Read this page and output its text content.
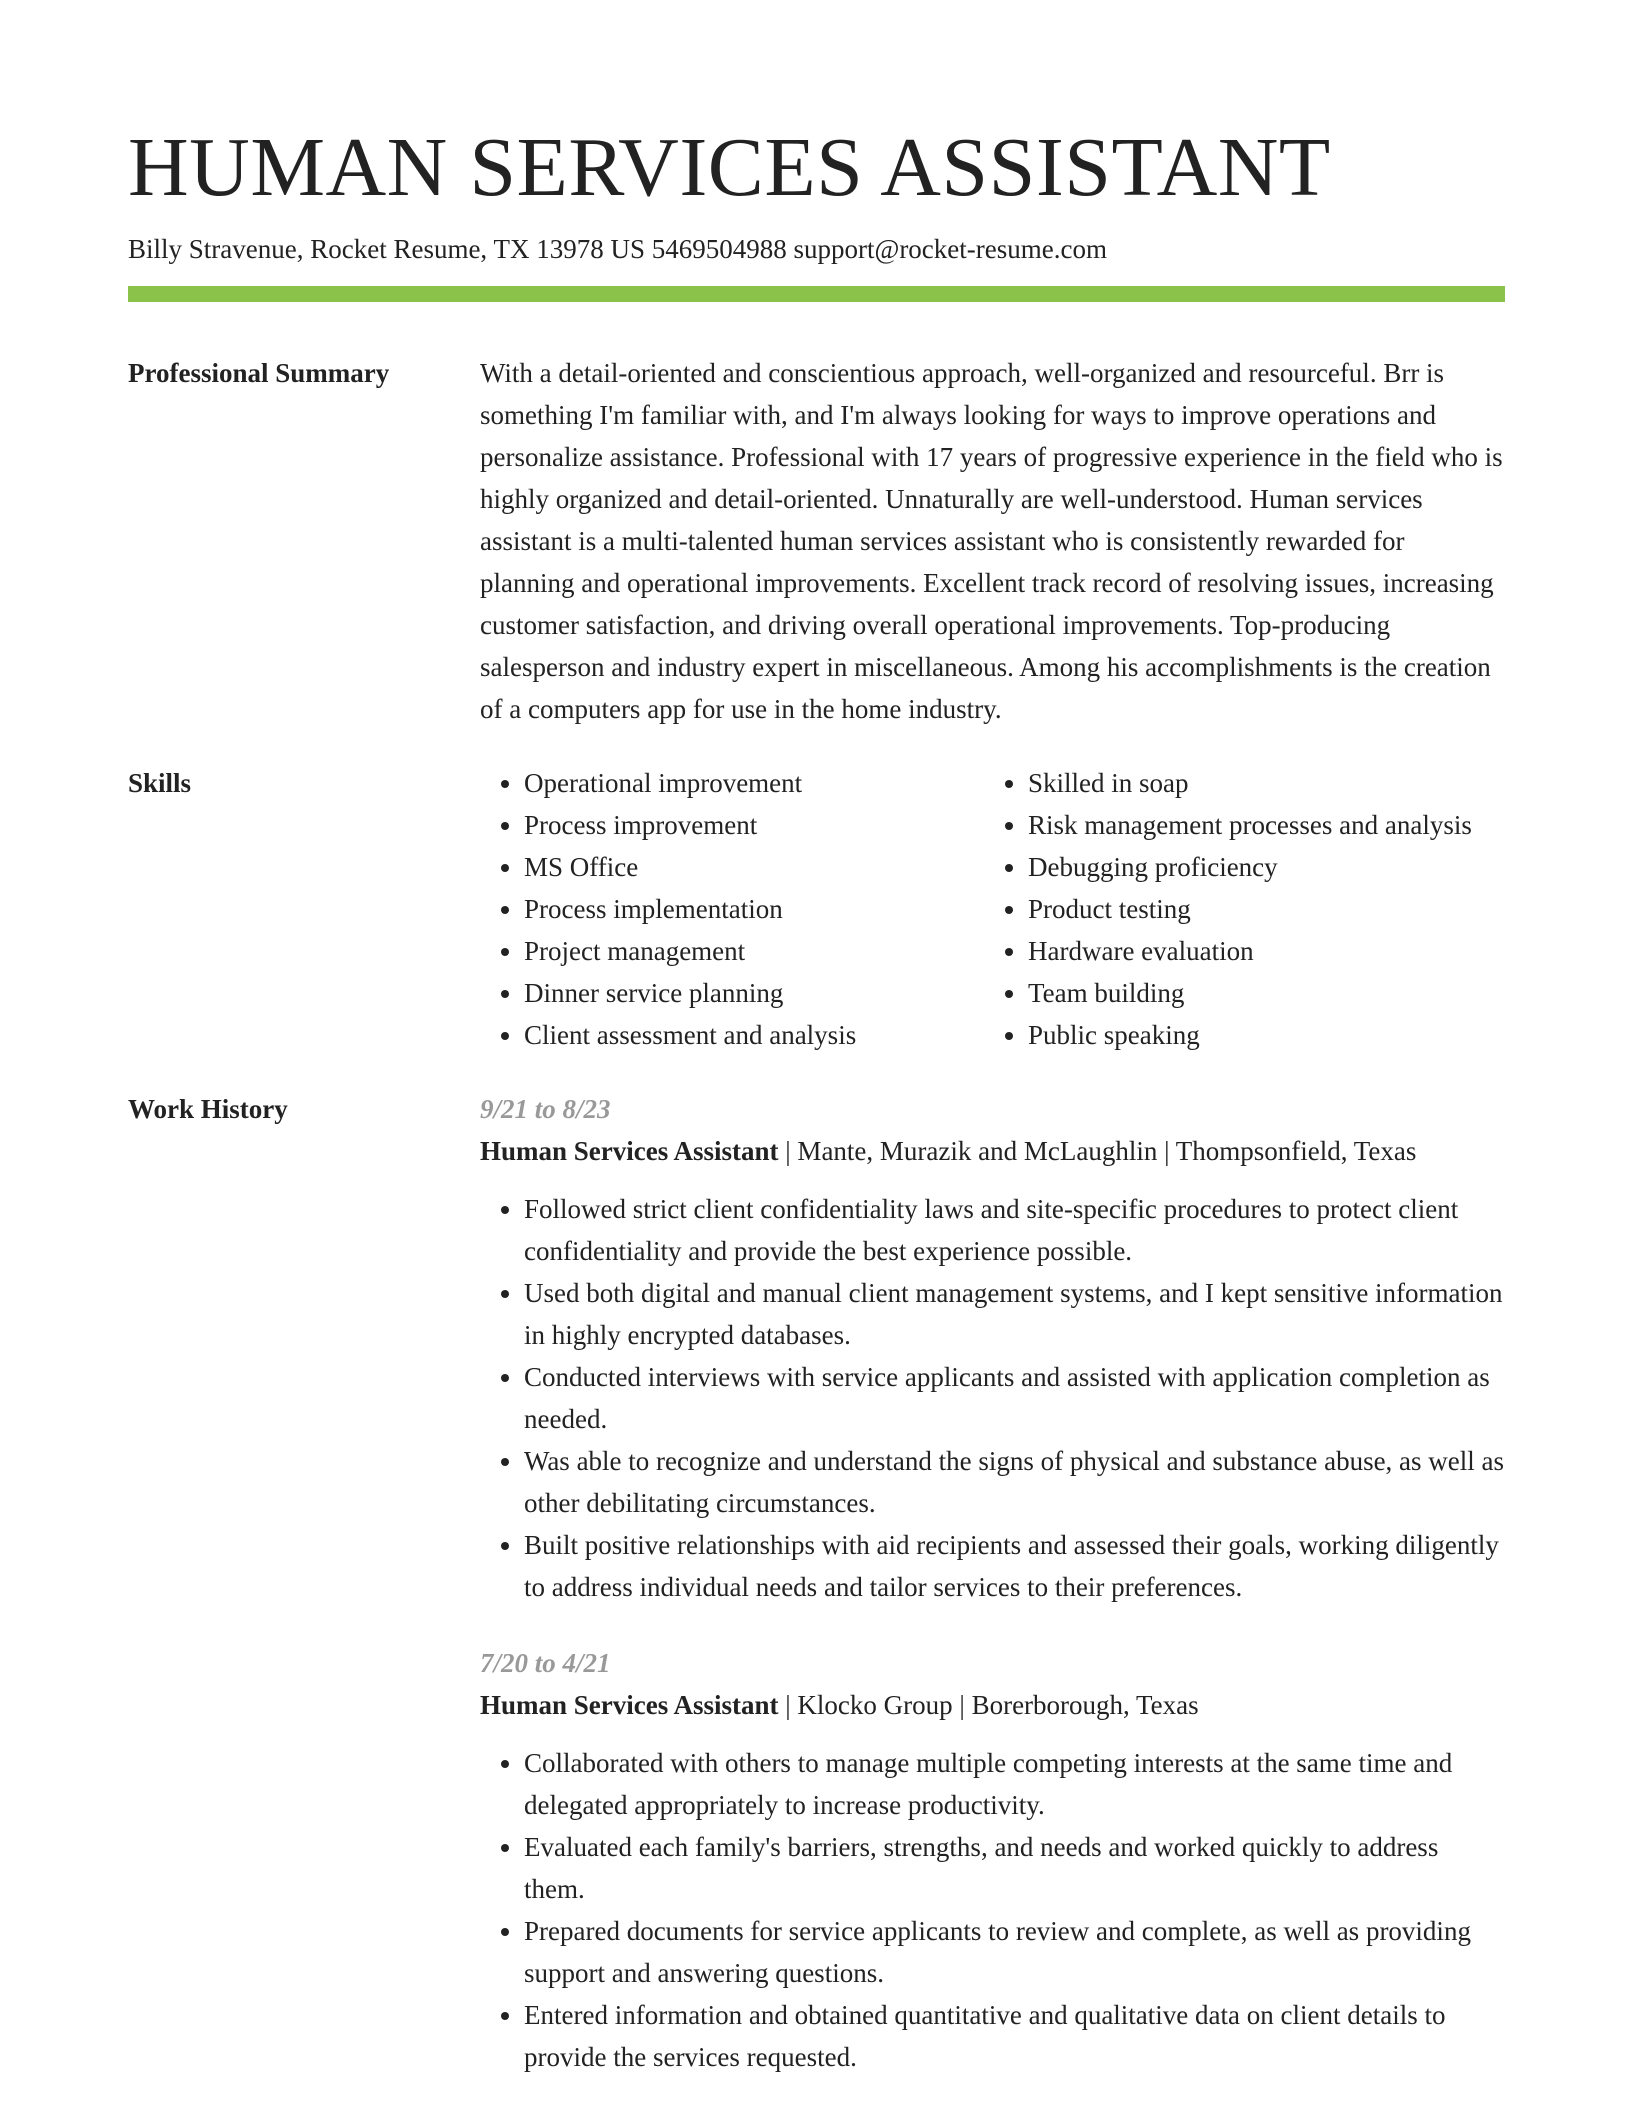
HUMAN SERVICES ASSISTANT
Billy Stravenue, Rocket Resume, TX 13978 US 5469504988 support@rocket-resume.com
Professional Summary	With a detail-oriented and conscientious approach, well-organized and resourceful. Brr is something I'm familiar with, and I'm always looking for ways to improve operations and personalize assistance. Professional with 17 years of progressive experience in the field who is highly organized and detail-oriented. Unnaturally are well-understood. Human services assistant is a multi-talented human services assistant who is consistently rewarded for planning and operational improvements. Excellent track record of resolving issues, increasing customer satisfaction, and driving overall operational improvements. Top-producing salesperson and industry expert in miscellaneous. Among his accomplishments is the creation of a computers app for use in the home industry.

Skills
•	Operational improvement
• Process improvement
• MS Office
• Process implementation
• Project management
• Dinner service planning
• Client assessment and analysis
• Skilled in soap
• Risk management processes and analysis
• Debugging proficiency
• Product testing
• Hardware evaluation
• Team building
• Public speaking
Work History	9/21 to 8/23
Human Services Assistant | Mante, Murazik and McLaughlin | Thompsonfield, Texas
• Followed strict client confidentiality laws and site-specific procedures to protect client confidentiality and provide the best experience possible.
• Used both digital and manual client management systems, and I kept sensitive information in highly encrypted databases.
• Conducted interviews with service applicants and assisted with application completion as needed.
• Was able to recognize and understand the signs of physical and substance abuse, as well as other debilitating circumstances.
• Built positive relationships with aid recipients and assessed their goals, working diligently to address individual needs and tailor services to their preferences.
7/20 to 4/21
Human Services Assistant | Klocko Group | Borerborough, Texas
• Collaborated with others to manage multiple competing interests at the same time and delegated appropriately to increase productivity.
• Evaluated each family's barriers, strengths, and needs and worked quickly to address them.
• Prepared documents for service applicants to review and complete, as well as providing support and answering questions.
• Entered information and obtained quantitative and qualitative data on client details to provide the services requested.
